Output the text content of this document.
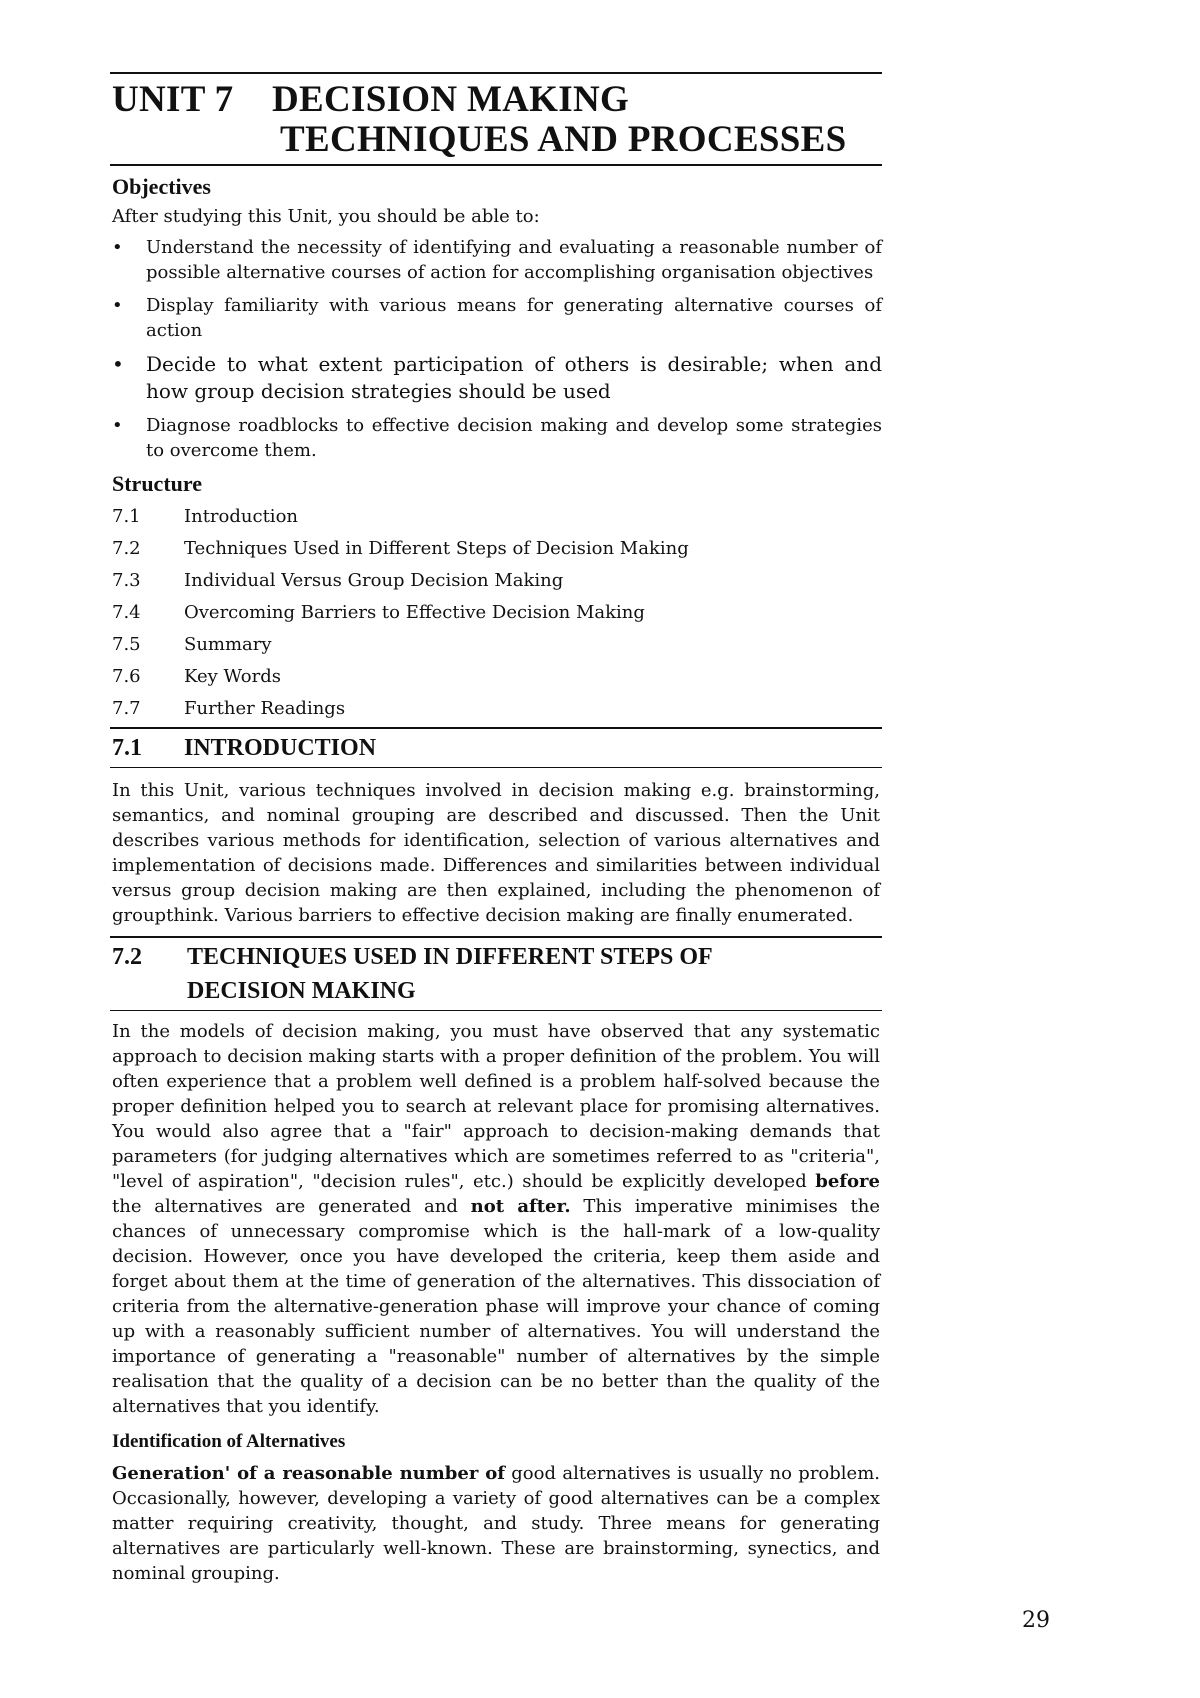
UNIT 7	DECISION MAKING
TECHNIQUES AND PROCESSES
Objectives

After studying this Unit, you should be able to:

• Understand the necessity of identifying and evaluating a reasonable number of possible alternative courses of action for accomplishing organisation objectives
• Display familiarity with various means for generating alternative courses of action
• Decide to what extent participation of others is desirable; when and how group decision strategies should be used
• Diagnose roadblocks to effective decision making and develop some strategies to overcome them.
Structure
7.1	Introduction
7.2	Techniques Used in Different Steps of Decision Making
7.3	Individual Versus Group Decision Making
7.4	Overcoming Barriers to Effective Decision Making
7.5	Summary
7.6	Key Words
7.7	Further Readings
7.1	INTRODUCTION

In this Unit, various techniques involved in decision making e.g. brainstorming, semantics, and nominal grouping are described and discussed. Then the Unit describes various methods for identification, selection of various alternatives and implementation of decisions made. Differences and similarities between individual versus group decision making are then explained, including the phenomenon of groupthink. Various barriers to effective decision making are finally enumerated.

7.2	TECHNIQUES USED IN DIFFERENT STEPS OF
DECISION MAKING

In the models of decision making, you must have observed that any systematic approach to decision making starts with a proper definition of the problem. You will often experience that a problem well defined is a problem half-solved because the proper definition helped you to search at relevant place for promising alternatives. You would also agree that a "fair" approach to decision-making demands that parameters (for judging alternatives which are sometimes referred to as "criteria", "level of aspiration", "decision rules", etc.) should be explicitly developed before the alternatives are generated and not after. This imperative minimises the chances of unnecessary compromise which is the hall-mark of a low-quality decision. However, once you have developed the criteria, keep them aside and forget about them at the time of generation of the alternatives. This dissociation of criteria from the alternative-generation phase will improve your chance of coming up with a reasonably sufficient number of alternatives. You will understand the importance of generating a "reasonable" number of alternatives by the simple realisation that the quality of a decision can be no better than the quality of the alternatives that you identify.

Identification of Alternatives

Generation' of a reasonable number of good alternatives is usually no problem. Occasionally, however, developing a variety of good alternatives can be a complex matter requiring creativity, thought, and study. Three means for generating alternatives are particularly well-known. These are brainstorming, synectics, and nominal grouping.

29
